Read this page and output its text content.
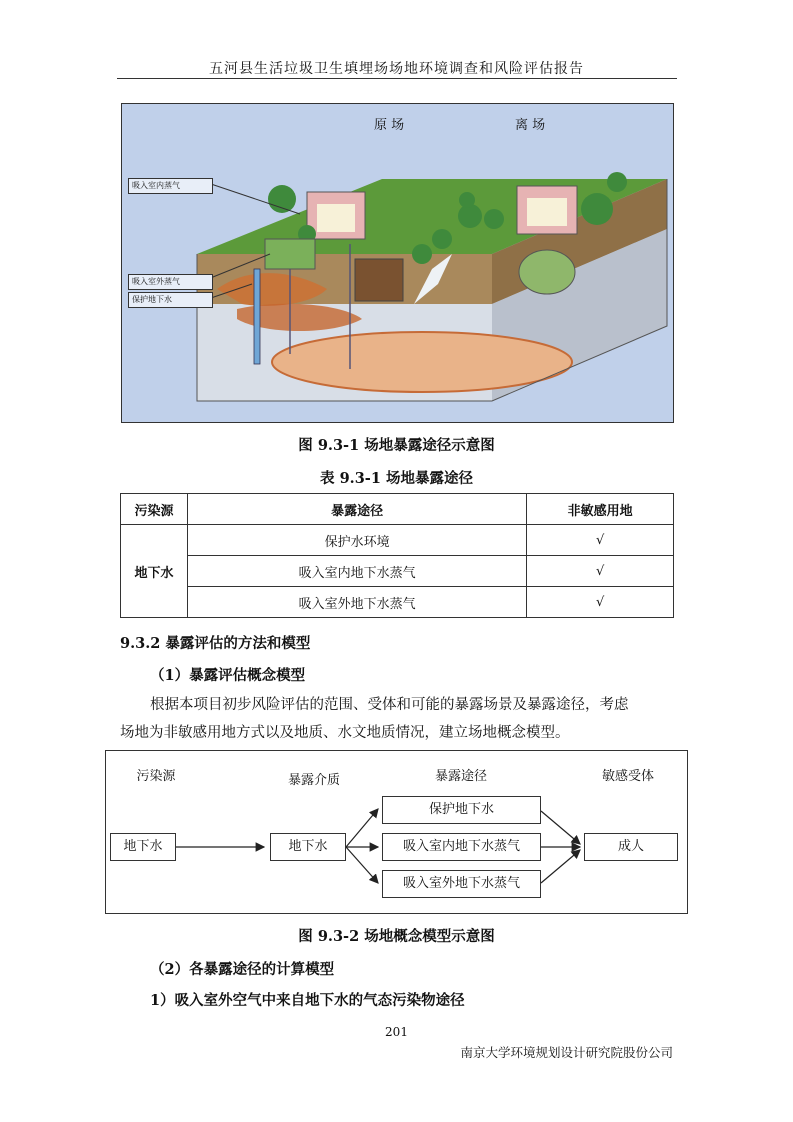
五河县生活垃圾卫生填埋场场地环境调查和风险评估报告
原 场	离 场
吸入室内蒸气
吸入室外蒸气
保护地下水
图 9.3-1 场地暴露途径示意图
表 9.3-1 场地暴露途径
污染源	暴露途径	非敏感用地
地下水	保护水环境	√
	吸入室内地下水蒸气	√
	吸入室外地下水蒸气	√
9.3.2 暴露评估的方法和模型
（1）暴露评估概念模型
根据本项目初步风险评估的范围、受体和可能的暴露场景及暴露途径，考虑
场地为非敏感用地方式以及地质、水文地质情况，建立场地概念模型。
污染源	暴露介质	暴露途径	敏感受体
地下水	地下水
保护地下水
吸入室内地下水蒸气
吸入室外地下水蒸气
成人
图 9.3-2 场地概念模型示意图
（2）各暴露途径的计算模型
1）吸入室外空气中来自地下水的气态污染物途径
201
南京大学环境规划设计研究院股份公司
